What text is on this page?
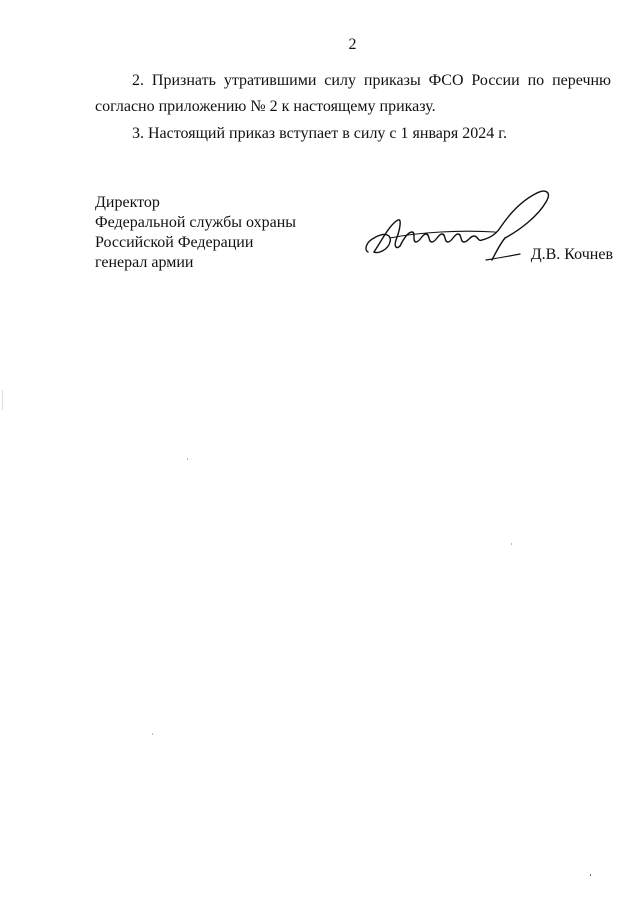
2
2. Признать утратившими силу приказы ФСО России по перечню
согласно приложению № 2 к настоящему приказу.
3. Настоящий приказ вступает в силу с 1 января 2024 г.
Директор
Федеральной службы охраны
Российской Федерации
генерал армии	Д.В. Кочнев
